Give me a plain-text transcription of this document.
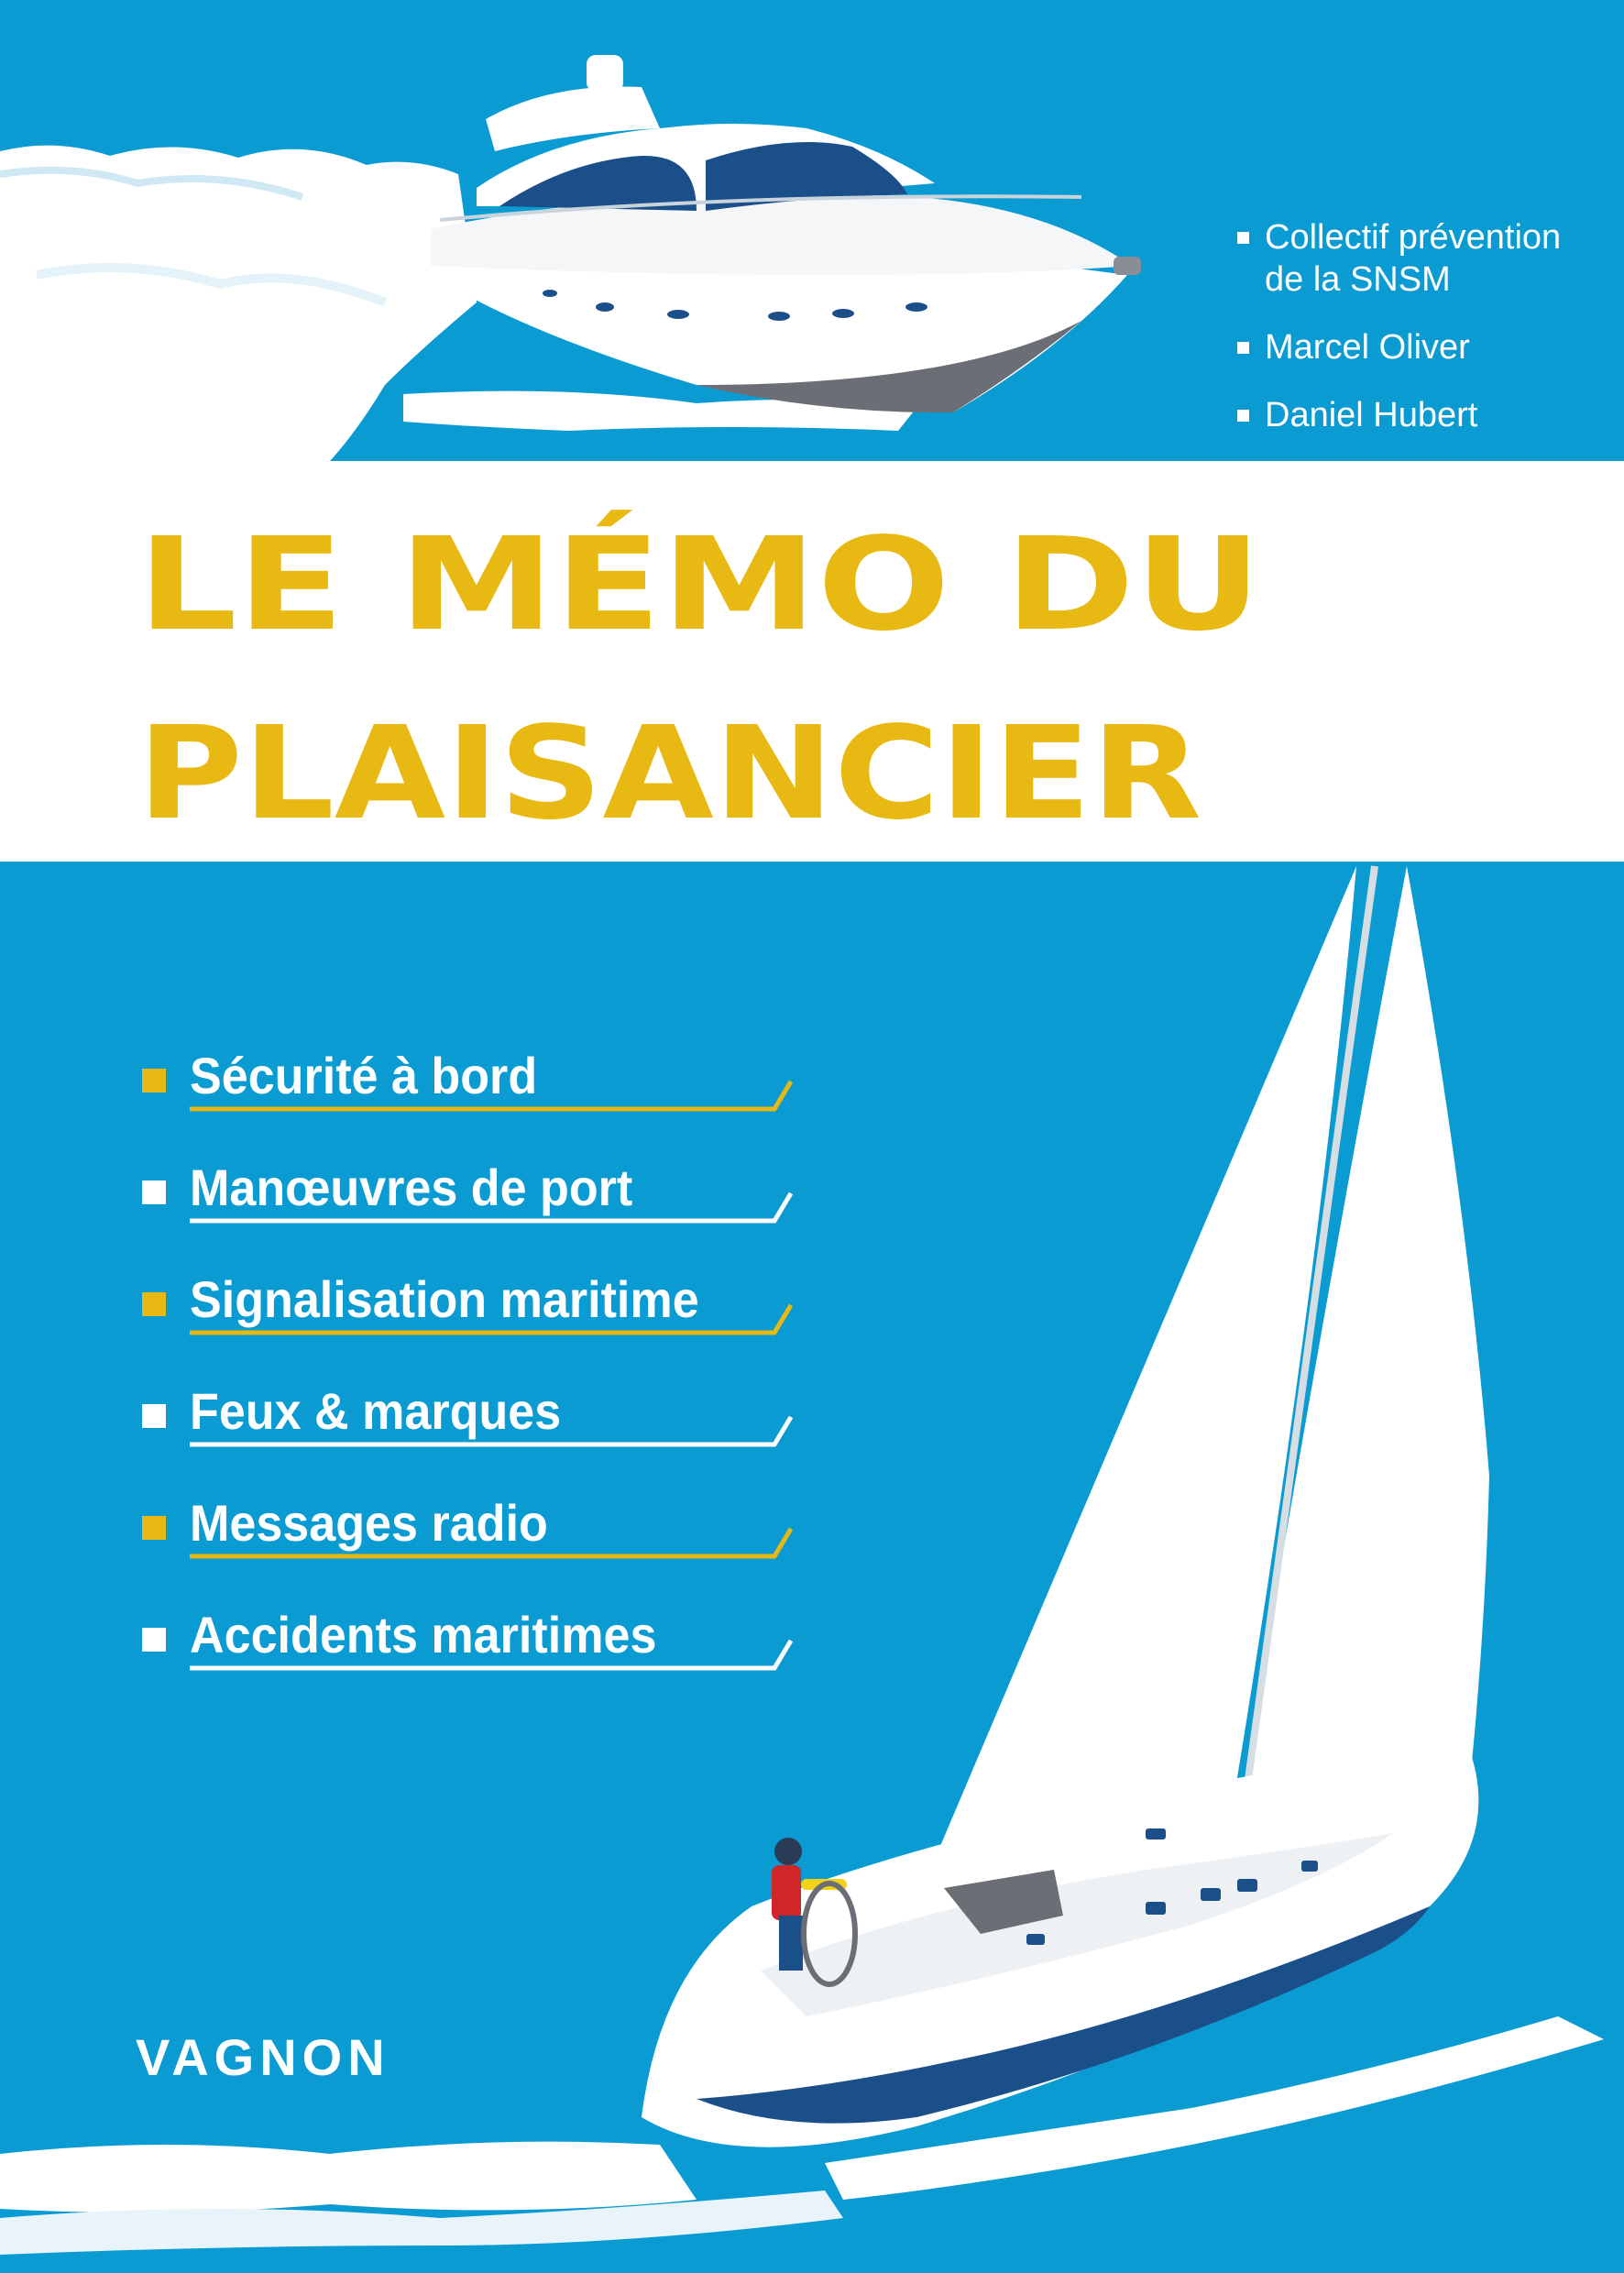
Collectif prévention
de la SNSM
Marcel Oliver
Daniel Hubert
LE MÉMO DU
PLAISANCIER
Sécurité à bord
Manœuvres de port
Signalisation maritime
Feux & marques
Messages radio
Accidents maritimes
VAGNON
